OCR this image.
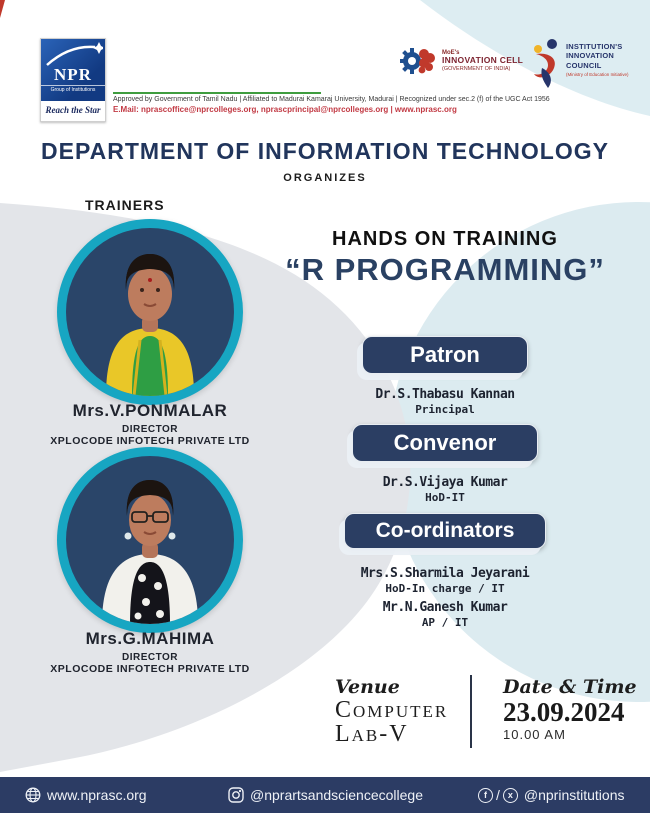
NPR
Group of Institutions
Reach the Star
Approved by Government of Tamil Nadu | Affiliated to Madurai Kamaraj University, Madurai | Recognized under sec.2 (f) of the UGC Act 1956
E.Mail: nprascoffice@nprcolleges.org, nprascprincipal@nprcolleges.org | www.nprasc.org
MoE's
INNOVATION CELL
(GOVERNMENT OF INDIA)
INSTITUTION'S
INNOVATION
COUNCIL
(Ministry of Education Initiative)
DEPARTMENT OF INFORMATION TECHNOLOGY
ORGANIZES
TRAINERS
Mrs.V.PONMALAR
DIRECTOR
XPLOCODE INFOTECH PRIVATE LTD
Mrs.G.MAHIMA
DIRECTOR
XPLOCODE INFOTECH PRIVATE LTD
HANDS ON TRAINING
“R PROGRAMMING”
Patron
Dr.S.Thabasu Kannan
Principal
Convenor
Dr.S.Vijaya Kumar
HoD-IT
Co-ordinators
Mrs.S.Sharmila Jeyarani
HoD-In charge / IT
Mr.N.Ganesh Kumar
AP / IT
Venue
Computer
Lab-V
Date & Time
23.09.2024
10.00 AM
www.nprasc.org	@nprartsandsciencecollege	f / x @nprinstitutions
